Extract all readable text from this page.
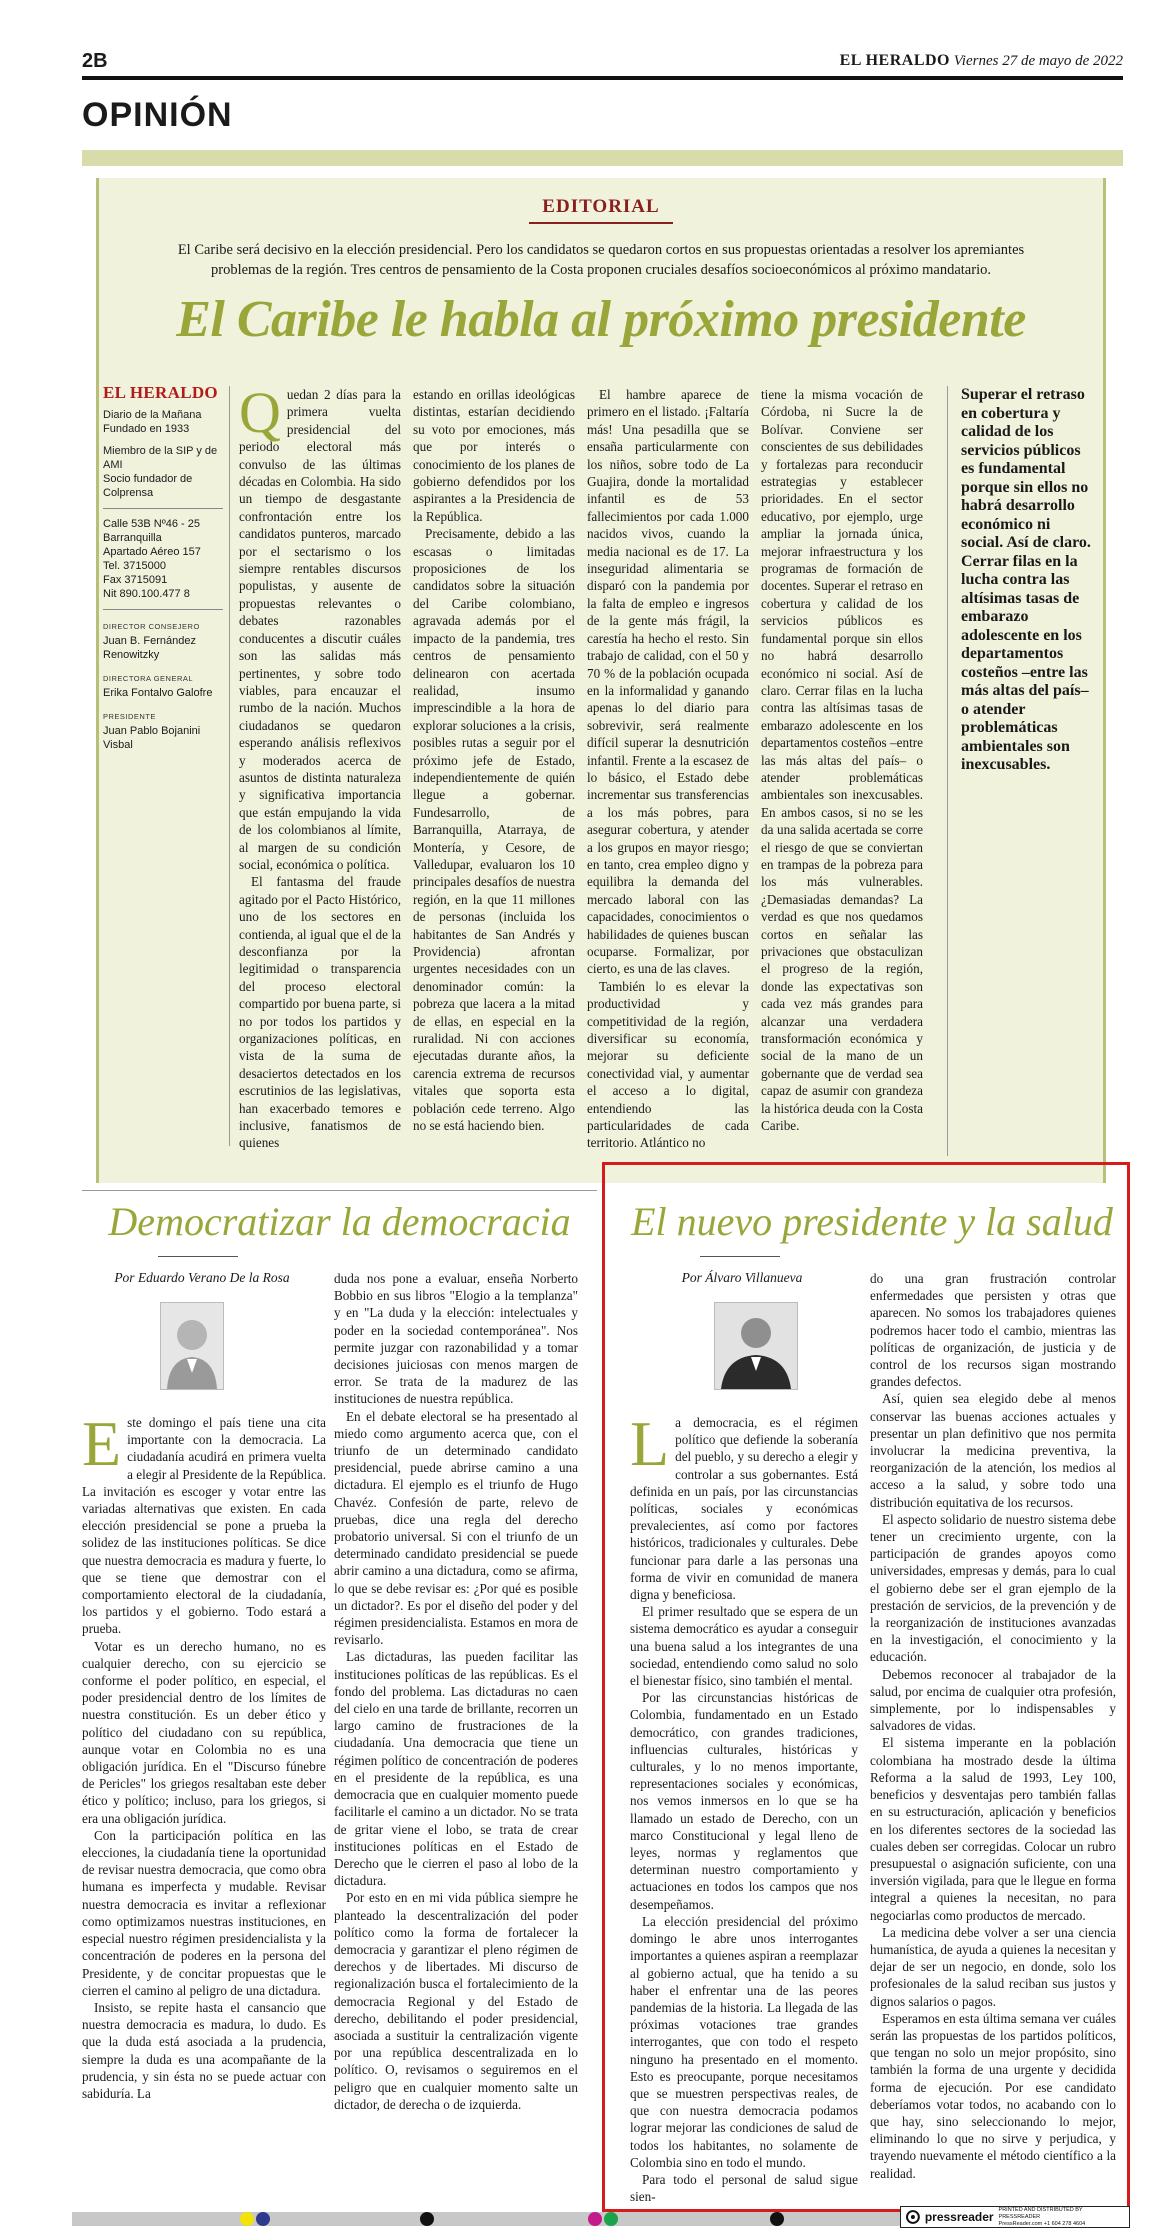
2B	EL HERALDO Viernes 27 de mayo de 2022
OPINIÓN
EDITORIAL
El Caribe será decisivo en la elección presidencial. Pero los candidatos se quedaron cortos en sus propuestas orientadas a resolver los apremiantes problemas de la región. Tres centros de pensamiento de la Costa proponen cruciales desafíos socioeconómicos al próximo mandatario.
El Caribe le habla al próximo presidente
EL HERALDO
Diario de la Mañana
Fundado en 1933
Miembro de la SIP y de AMI
Socio fundador de Colprensa
Calle 53B Nº46 - 25
Barranquilla
Apartado Aéreo 157
Tel. 3715000
Fax 3715091
Nit 890.100.477 8
DIRECTOR CONSEJERO
Juan B. Fernández Renowitzky
DIRECTORA GENERAL
Erika Fontalvo Galofre
PRESIDENTE
Juan Pablo Bojanini Visbal

Quedan 2 días para la primera vuelta presidencial del periodo electoral más convulso de las últimas décadas en Colombia. Ha sido un tiempo de desgastante confrontación entre los candidatos punteros, marcado por el sectarismo o los siempre rentables discursos populistas, y ausente de propuestas relevantes o debates razonables conducentes a discutir cuáles son las salidas más pertinentes, y sobre todo viables, para encauzar el rumbo de la nación. Muchos ciudadanos se quedaron esperando análisis reflexivos y moderados acerca de asuntos de distinta naturaleza y significativa importancia que están empujando la vida de los colombianos al límite, al margen de su condición social, económica o política.

El fantasma del fraude agitado por el Pacto Histórico, uno de los sectores en contienda, al igual que el de la desconfianza por la legitimidad o transparencia del proceso electoral compartido por buena parte, si no por todos los partidos y organizaciones políticas, en vista de la suma de desaciertos detectados en los escrutinios de las legislativas, han exacerbado temores e inclusive, fanatismos de quienes

estando en orillas ideológicas distintas, estarían decidiendo su voto por emociones, más que por interés o conocimiento de los planes de gobierno defendidos por los aspirantes a la Presidencia de la República.

Precisamente, debido a las escasas o limitadas proposiciones de los candidatos sobre la situación del Caribe colombiano, agravada además por el impacto de la pandemia, tres centros de pensamiento delinearon con acertada realidad, insumo imprescindible a la hora de explorar soluciones a la crisis, posibles rutas a seguir por el próximo jefe de Estado, independientemente de quién llegue a gobernar. Fundesarrollo, de Barranquilla, Atarraya, de Montería, y Cesore, de Valledupar, evaluaron los 10 principales desafíos de nuestra región, en la que 11 millones de personas (incluida los habitantes de San Andrés y Providencia) afrontan urgentes necesidades con un denominador común: la pobreza que lacera a la mitad de ellas, en especial en la ruralidad. Ni con acciones ejecutadas durante años, la carencia extrema de recursos vitales que soporta esta población cede terreno. Algo no se está haciendo bien.

El hambre aparece de primero en el listado. ¡Faltaría más! Una pesadilla que se ensaña particularmente con los niños, sobre todo de La Guajira, donde la mortalidad infantil es de 53 fallecimientos por cada 1.000 nacidos vivos, cuando la media nacional es de 17. La inseguridad alimentaria se disparó con la pandemia por la falta de empleo e ingresos de la gente más frágil, la carestía ha hecho el resto. Sin trabajo de calidad, con el 50 y 70 % de la población ocupada en la informalidad y ganando apenas lo del diario para sobrevivir, será realmente difícil superar la desnutrición infantil. Frente a la escasez de lo básico, el Estado debe incrementar sus transferencias a los más pobres, para asegurar cobertura, y atender a los grupos en mayor riesgo; en tanto, crea empleo digno y equilibra la demanda del mercado laboral con las capacidades, conocimientos o habilidades de quienes buscan ocuparse. Formalizar, por cierto, es una de las claves.

También lo es elevar la productividad y competitividad de la región, diversificar su economía, mejorar su deficiente conectividad vial, y aumentar el acceso a lo digital, entendiendo las particularidades de cada territorio. Atlántico no

tiene la misma vocación de Córdoba, ni Sucre la de Bolívar. Conviene ser conscientes de sus debilidades y fortalezas para reconducir estrategias y establecer prioridades. En el sector educativo, por ejemplo, urge ampliar la jornada única, mejorar infraestructura y los programas de formación de docentes. Superar el retraso en cobertura y calidad de los servicios públicos es fundamental porque sin ellos no habrá desarrollo económico ni social. Así de claro. Cerrar filas en la lucha contra las altísimas tasas de embarazo adolescente en los departamentos costeños –entre las más altas del país– o atender problemáticas ambientales son inexcusables. En ambos casos, si no se les da una salida acertada se corre el riesgo de que se conviertan en trampas de la pobreza para los más vulnerables. ¿Demasiadas demandas? La verdad es que nos quedamos cortos en señalar las privaciones que obstaculizan el progreso de la región, donde las expectativas son cada vez más grandes para alcanzar una verdadera transformación económica y social de la mano de un gobernante que de verdad sea capaz de asumir con grandeza la histórica deuda con la Costa Caribe.

Superar el retraso en cobertura y calidad de los servicios públicos es fundamental porque sin ellos no habrá desarrollo económico ni social. Así de claro. Cerrar filas en la lucha contra las altísimas tasas de embarazo adolescente en los departamentos costeños –entre las más altas del país– o atender problemáticas ambientales son inexcusables.
Democratizar la democracia
Por Eduardo Verano De la Rosa

Este domingo el país tiene una cita importante con la democracia. La ciudadanía acudirá en primera vuelta a elegir al Presidente de la República. La invitación es escoger y votar entre las variadas alternativas que existen. En cada elección presidencial se pone a prueba la solidez de las instituciones políticas. Se dice que nuestra democracia es madura y fuerte, lo que se tiene que demostrar con el comportamiento electoral de la ciudadanía, los partidos y el gobierno. Todo estará a prueba.

Votar es un derecho humano, no es cualquier derecho, con su ejercicio se conforme el poder político, en especial, el poder presidencial dentro de los límites de nuestra constitución. Es un deber ético y político del ciudadano con su república, aunque votar en Colombia no es una obligación jurídica. En el "Discurso fúnebre de Pericles" los griegos resaltaban este deber ético y político; incluso, para los griegos, si era una obligación jurídica.

Con la participación política en las elecciones, la ciudadanía tiene la oportunidad de revisar nuestra democracia, que como obra humana es imperfecta y mudable. Revisar nuestra democracia es invitar a reflexionar como optimizamos nuestras instituciones, en especial nuestro régimen presidencialista y la concentración de poderes en la persona del Presidente, y de concitar propuestas que le cierren el camino al peligro de una dictadura.

Insisto, se repite hasta el cansancio que nuestra democracia es madura, lo dudo. Es que la duda está asociada a la prudencia, siempre la duda es una acompañante de la prudencia, y sin ésta no se puede actuar con sabiduría. La

duda nos pone a evaluar, enseña Norberto Bobbio en sus libros "Elogio a la templanza" y en "La duda y la elección: intelectuales y poder en la sociedad contemporánea". Nos permite juzgar con razonabilidad y a tomar decisiones juiciosas con menos margen de error. Se trata de la madurez de las instituciones de nuestra república.

En el debate electoral se ha presentado al miedo como argumento acerca que, con el triunfo de un determinado candidato presidencial, puede abrirse camino a una dictadura. El ejemplo es el triunfo de Hugo Chavéz. Confesión de parte, relevo de pruebas, dice una regla del derecho probatorio universal. Si con el triunfo de un determinado candidato presidencial se puede abrir camino a una dictadura, como se afirma, lo que se debe revisar es: ¿Por qué es posible un dictador?. Es por el diseño del poder y del régimen presidencialista. Estamos en mora de revisarlo.

Las dictaduras, las pueden facilitar las instituciones políticas de las repúblicas. Es el fondo del problema. Las dictaduras no caen del cielo en una tarde de brillante, recorren un largo camino de frustraciones de la ciudadanía. Una democracia que tiene un régimen político de concentración de poderes en el presidente de la república, es una democracia que en cualquier momento puede facilitarle el camino a un dictador. No se trata de gritar viene el lobo, se trata de crear instituciones políticas en el Estado de Derecho que le cierren el paso al lobo de la dictadura.

Por esto en en mi vida pública siempre he planteado la descentralización del poder político como la forma de fortalecer la democracia y garantizar el pleno régimen de derechos y de libertades. Mi discurso de regionalización busca el fortalecimiento de la democracia Regional y del Estado de derecho, debilitando el poder presidencial, asociada a sustituir la centralización vigente por una república descentralizada en lo político. O, revisamos o seguiremos en el peligro que en cualquier momento salte un dictador, de derecha o de izquierda.

El nuevo presidente y la salud
Por Álvaro Villanueva

La democracia, es el régimen político que defiende la soberanía del pueblo, y su derecho a elegir y controlar a sus gobernantes. Está definida en un país, por las circunstancias políticas, sociales y económicas prevalecientes, así como por factores históricos, tradicionales y culturales. Debe funcionar para darle a las personas una forma de vivir en comunidad de manera digna y beneficiosa.

El primer resultado que se espera de un sistema democrático es ayudar a conseguir una buena salud a los integrantes de una sociedad, entendiendo como salud no solo el bienestar físico, sino también el mental.

Por las circunstancias históricas de Colombia, fundamentado en un Estado democrático, con grandes tradiciones, influencias culturales, históricas y culturales, y lo no menos importante, representaciones sociales y económicas, nos vemos inmersos en lo que se ha llamado un estado de Derecho, con un marco Constitucional y legal lleno de leyes, normas y reglamentos que determinan nuestro comportamiento y actuaciones en todos los campos que nos desempeñamos.

La elección presidencial del próximo domingo le abre unos interrogantes importantes a quienes aspiran a reemplazar al gobierno actual, que ha tenido a su haber el enfrentar una de las peores pandemias de la historia. La llegada de las próximas votaciones trae grandes interrogantes, que con todo el respeto ninguno ha presentado en el momento. Esto es preocupante, porque necesitamos que se muestren perspectivas reales, de que con nuestra democracia podamos lograr mejorar las condiciones de salud de todos los habitantes, no solamente de Colombia sino en todo el mundo.

Para todo el personal de salud sigue sien-

do una gran frustración controlar enfermedades que persisten y otras que aparecen. No somos los trabajadores quienes podremos hacer todo el cambio, mientras las políticas de organización, de justicia y de control de los recursos sigan mostrando grandes defectos.

Así, quien sea elegido debe al menos conservar las buenas acciones actuales y presentar un plan definitivo que nos permita involucrar la medicina preventiva, la reorganización de la atención, los medios al acceso a la salud, y sobre todo una distribución equitativa de los recursos.

El aspecto solidario de nuestro sistema debe tener un crecimiento urgente, con la participación de grandes apoyos como universidades, empresas y demás, para lo cual el gobierno debe ser el gran ejemplo de la prestación de servicios, de la prevención y de la reorganización de instituciones avanzadas en la investigación, el conocimiento y la educación.

Debemos reconocer al trabajador de la salud, por encima de cualquier otra profesión, simplemente, por lo indispensables y salvadores de vidas.

El sistema imperante en la población colombiana ha mostrado desde la última Reforma a la salud de 1993, Ley 100, beneficios y desventajas pero también fallas en su estructuración, aplicación y beneficios en los diferentes sectores de la sociedad las cuales deben ser corregidas. Colocar un rubro presupuestal o asignación suficiente, con una inversión vigilada, para que le llegue en forma integral a quienes la necesitan, no para negociarlas como productos de mercado.

La medicina debe volver a ser una ciencia humanística, de ayuda a quienes la necesitan y dejar de ser un negocio, en donde, solo los profesionales de la salud reciban sus justos y dignos salarios o pagos.

Esperamos en esta última semana ver cuáles serán las propuestas de los partidos políticos, que tengan no solo un mejor propósito, sino también la forma de una urgente y decidida forma de ejecución. Por ese candidato deberíamos votar todos, no acabando con lo que hay, sino seleccionando lo mejor, eliminando lo que no sirve y perjudica, y trayendo nuevamente el método científico a la realidad.

pressreader
PRINTED AND DISTRIBUTED BY PRESSREADER
PressReader.com +1 604 278 4604
